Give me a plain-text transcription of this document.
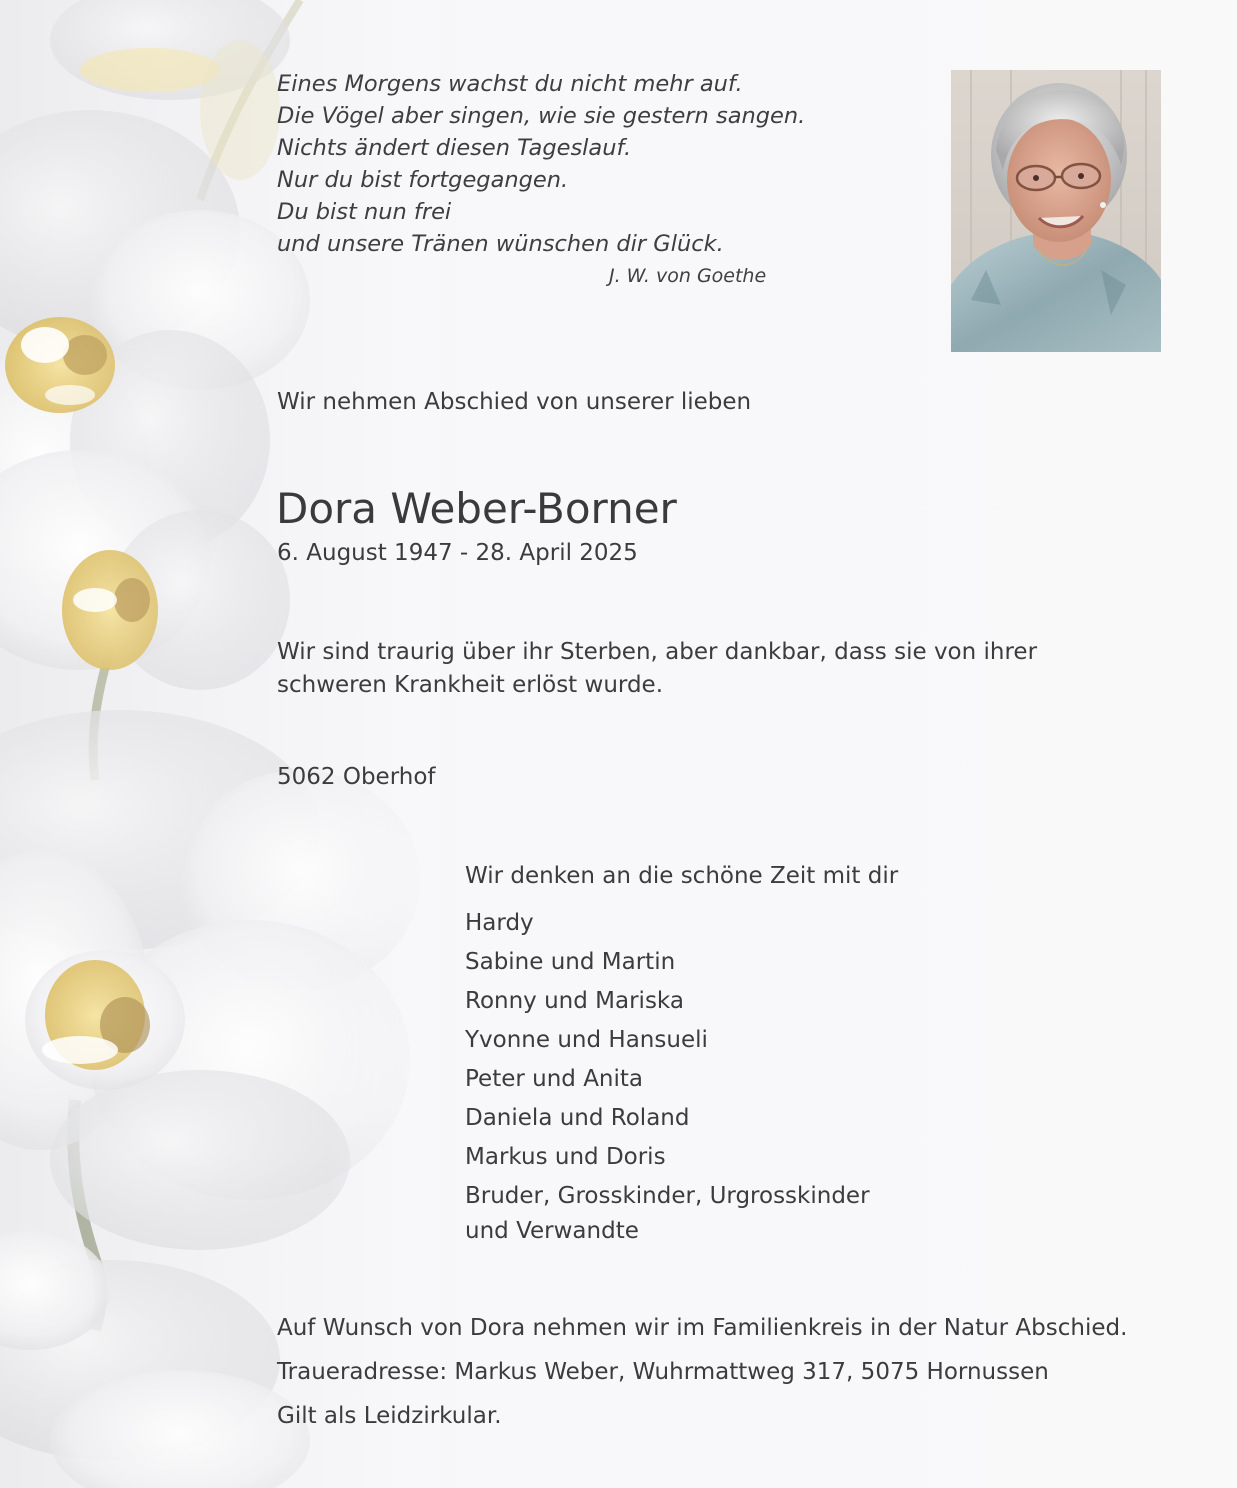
Eines Morgens wachst du nicht mehr auf.
Die Vögel aber singen, wie sie gestern sangen.
Nichts ändert diesen Tageslauf.
Nur du bist fortgegangen.
Du bist nun frei
und unsere Tränen wünschen dir Glück.
J. W. von Goethe
Wir nehmen Abschied von unserer lieben
Dora Weber-Borner
6. August 1947 - 28. April 2025
Wir sind traurig über ihr Sterben, aber dankbar, dass sie von ihrer
schweren Krankheit erlöst wurde.
5062 Oberhof
Wir denken an die schöne Zeit mit dir
Hardy
Sabine und Martin
Ronny und Mariska
Yvonne und Hansueli
Peter und Anita
Daniela und Roland
Markus und Doris
Bruder, Grosskinder, Urgrosskinder
und Verwandte
Auf Wunsch von Dora nehmen wir im Familienkreis in der Natur Abschied.
Traueradresse: Markus Weber, Wuhrmattweg 317, 5075 Hornussen
Gilt als Leidzirkular.
